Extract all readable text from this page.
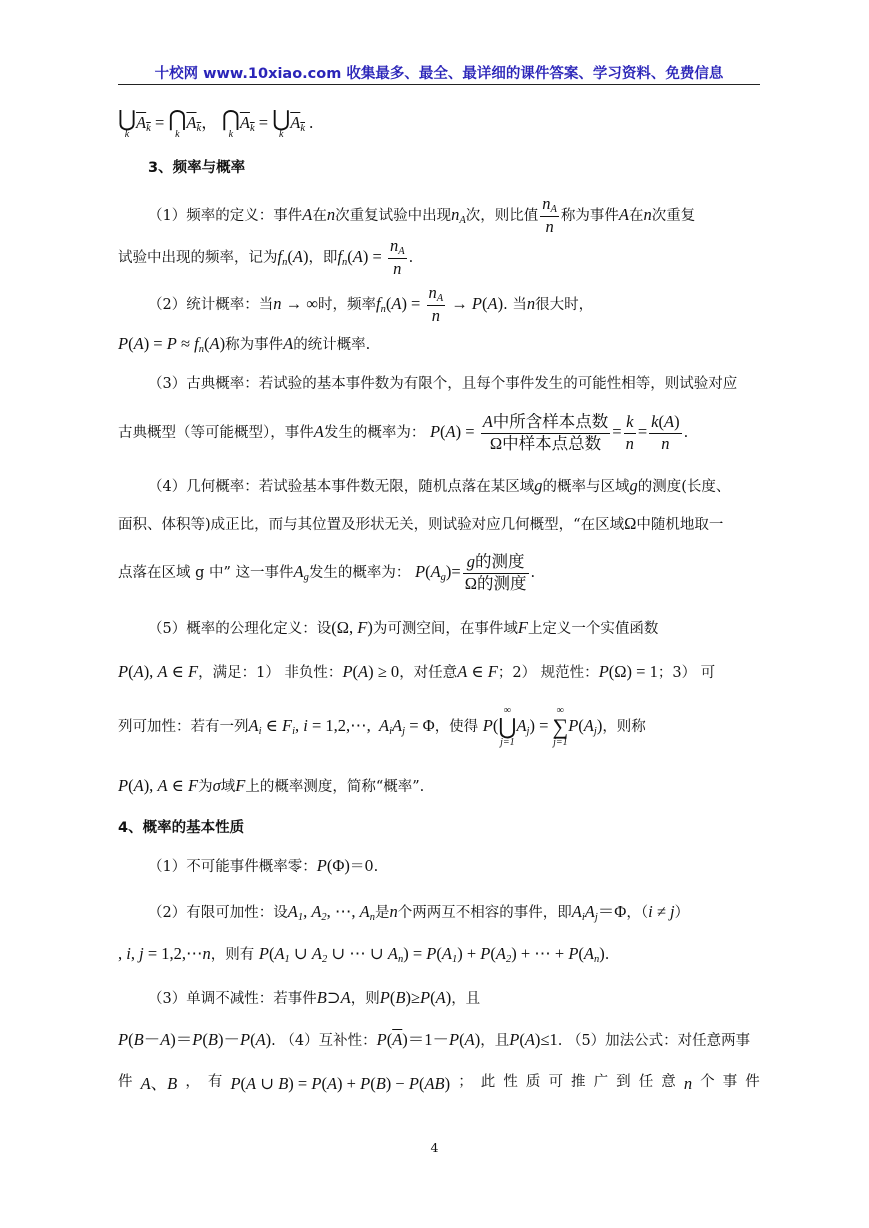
十校网 www.10xiao.com 收集最多、最全、最详细的课件答案、学习资料、免费信息
⋃
k
$A_k$ = ⋂
k
$A_k$， ⋂
k
$A_k$ = ⋃
k
$A_k$ .
3、频率与概率
（1）频率的定义：事件A在n次重复试验中出现$n_A$次，则比值 $\frac{n_A}{n}$ 称为事件A在n次重复
试验中出现的频率，记为$f_n(A)$，即$f_n(A) = \frac{n_A}{n}$ .
（2）统计概率：当n → ∞时，频率$f_n(A) = \frac{n_A}{n} \to P(A)$. 当n很大时，
$P(A) = P \approx f_n(A)$称为事件A的统计概率.
（3）古典概率：若试验的基本事件数为有限个，且每个事件发生的可能性相等，则试验对应
古典概型（等可能概型），事件A发生的概率为： $P(A) = \frac{\text{A中所含样本点数}}{\text{Ω中样本点总数}} = \frac{k}{n} = \frac{k(A)}{n}$ .
（4）几何概率：若试验基本事件数无限，随机点落在某区域g的概率与区域g的测度(长度、
面积、体积等)成正比，而与其位置及形状无关，则试验对应几何概型，“在区域Ω中随机地取一
点落在区域 g 中” 这一事件$A_g$发生的概率为： $P(A_g)= \frac{\text{g的测度}}{\text{Ω的测度}}$ .
（5）概率的公理化定义：设(Ω, F)为可测空间，在事件域F上定义一个实值函数
P(A), A ∈ F，满足：1） 非负性：P(A) ≥ 0，对任意A ∈ F；2） 规范性：P(Ω) = 1；3） 可
列可加性：若有一列$A_i$ ∈ $F_i$, i = 1,2,⋯,  $A_iA_j = \Phi$，使得 P(
∞
⋃
j=1
$A_j$) =
∞
∑
j=1
$P(A_j)$，则称
P(A), A ∈ F为σ域F上的概率测度，简称“概率”.
4、概率的基本性质
（1）不可能事件概率零：P(Φ)＝0.
（2）有限可加性：设$A_1$, $A_2$, ⋯, $A_n$是n个两两互不相容的事件，即$A_iA_j=\Phi$，（i ≠ j）
, i, j = 1,2,⋯n，则有 $P(A_1$ ∪ $A_2$ ∪ ⋯ ∪ $A_n) = P(A_1) + P(A_2)$ + ⋯ + $P(A_n)$.
（3）单调不减性：若事件B⊃A，则P(B)≥P(A)，且
P(B－A)＝P(B)－P(A). （4）互补性：$P(\overline{A})=1-P(A)$，且P(A)≤1. （5）加法公式：对任意两事
件 A、B ， 有 P(A ∪ B) = P(A) + P(B) − P(AB) ； 此 性 质 可 推 广 到 任 意 n 个 事 件
4
